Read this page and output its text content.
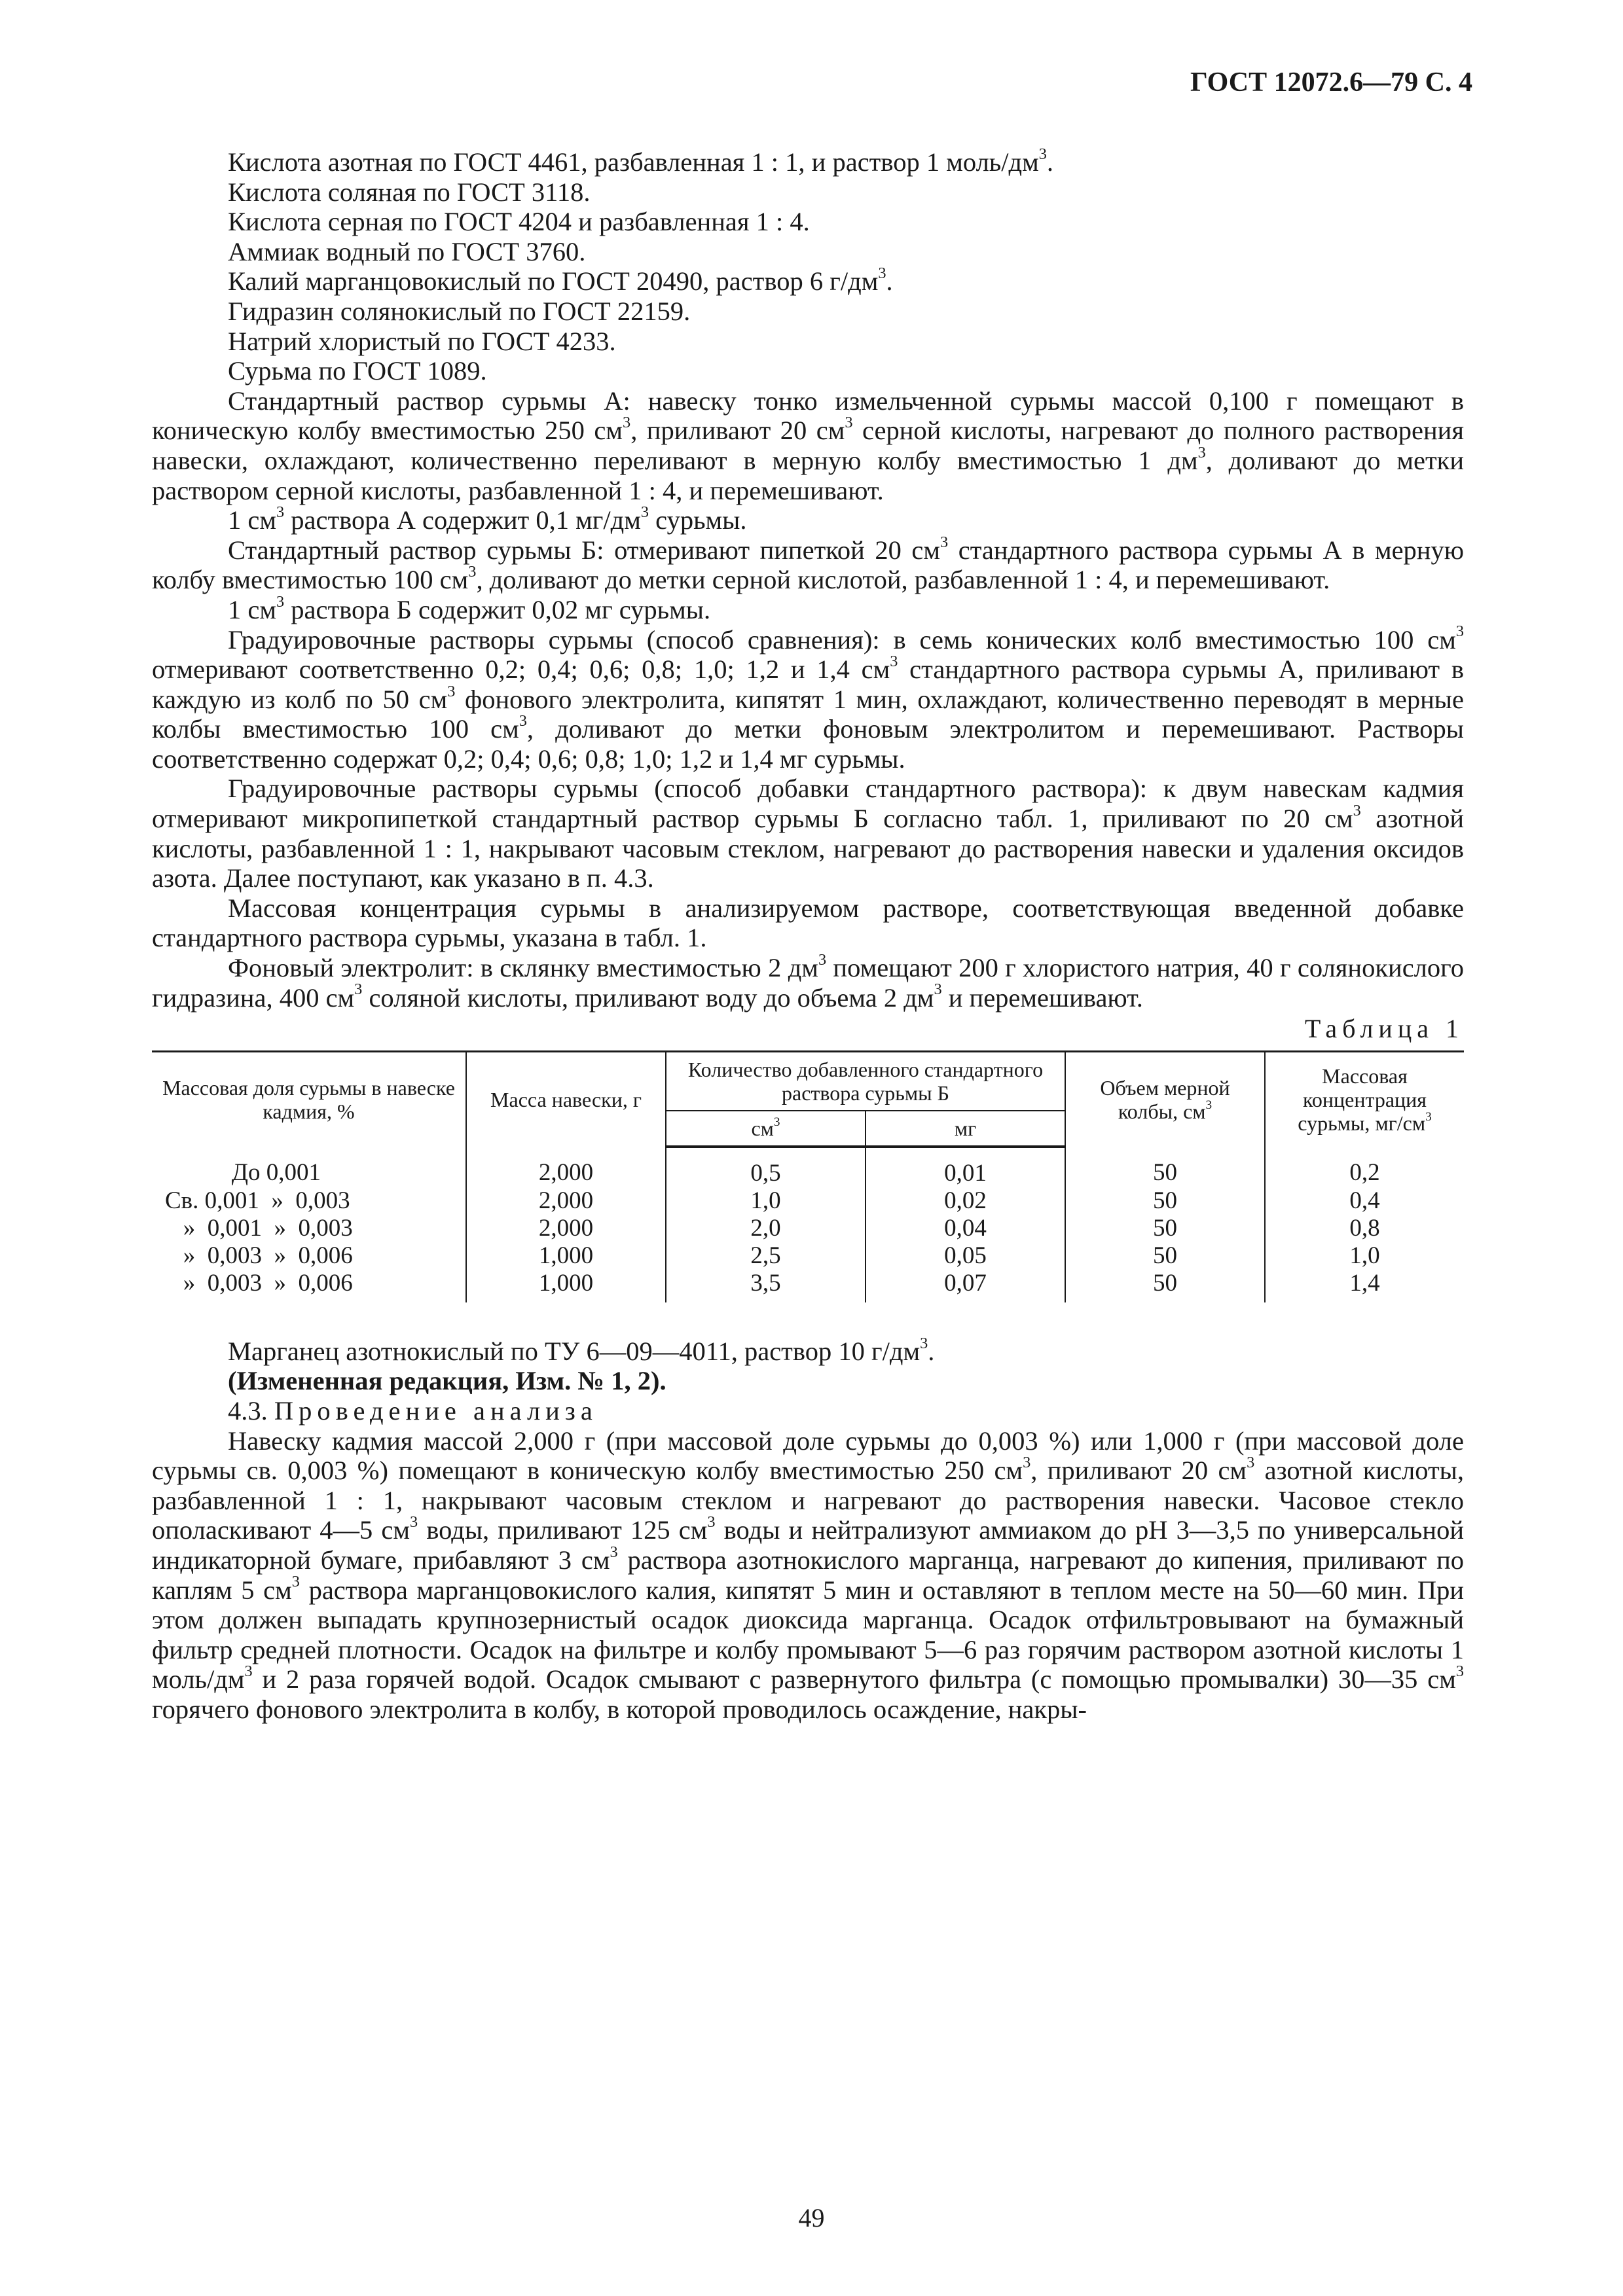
ГОСТ 12072.6—79 С. 4

Кислота азотная по ГОСТ 4461, разбавленная 1 : 1, и раствор 1 моль/$дм^3$.

Кислота соляная по ГОСТ 3118.

Кислота серная по ГОСТ 4204 и разбавленная 1 : 4.

Аммиак водный по ГОСТ 3760.

Калий марганцовокислый по ГОСТ 20490, раствор 6 $г/дм^3$.

Гидразин солянокислый по ГОСТ 22159.

Натрий хлористый по ГОСТ 4233.

Сурьма по ГОСТ 1089.

Стандартный раствор сурьмы А: навеску тонко измельченной сурьмы массой 0,100 г помещают в коническую колбу вместимостью 250 $см^3$, приливают 20 $см^3$ серной кислоты, нагревают до полного растворения навески, охлаждают, количественно переливают в мерную колбу вместимостью 1 $дм^3$, доливают до метки раствором серной кислоты, разбавленной 1 : 4, и перемешивают.

1 $см^3$ раствора А содержит 0,1 $мг/дм^3$ сурьмы.

Стандартный раствор сурьмы Б: отмеривают пипеткой 20 $см^3$ стандартного раствора сурьмы А в мерную колбу вместимостью 100 $см^3$, доливают до метки серной кислотой, разбавленной 1 : 4, и перемешивают.

1 $см^3$ раствора Б содержит 0,02 мг сурьмы.

Градуировочные растворы сурьмы (способ сравнения): в семь конических колб вместимостью 100 $см^3$ отмеривают соответственно 0,2; 0,4; 0,6; 0,8; 1,0; 1,2 и 1,4 $см^3$ стандартного раствора сурьмы А, приливают в каждую из колб по 50 $см^3$ фонового электролита, кипятят 1 мин, охлаждают, количественно переводят в мерные колбы вместимостью 100 $см^3$, доливают до метки фоновым электролитом и перемешивают. Растворы соответственно содержат 0,2; 0,4; 0,6; 0,8; 1,0; 1,2 и 1,4 мг сурьмы.

Градуировочные растворы сурьмы (способ добавки стандартного раствора): к двум навескам кадмия отмеривают микропипеткой стандартный раствор сурьмы Б согласно табл. 1, приливают по 20 $см^3$ азотной кислоты, разбавленной 1 : 1, накрывают часовым стеклом, нагревают до растворения навески и удаления оксидов азота. Далее поступают, как указано в п. 4.3.

Массовая концентрация сурьмы в анализируемом растворе, соответствующая введенной добавке стандартного раствора сурьмы, указана в табл. 1.

Фоновый электролит: в склянку вместимостью 2 $дм^3$ помещают 200 г хлористого натрия, 40 г солянокислого гидразина, 400 $см^3$ соляной кислоты, приливают воду до объема 2 $дм^3$ и перемешивают.

Таблица 1
Массовая доля сурьмы в навеске кадмия, %	Масса навески, г	Количество добавленного стандартного раствора сурьмы Б		Объем мерной колбы, $см^3$	Массовая концентрация сурьмы, $мг/см^3$
		$см^3$	мг		
До 0,001	2,000	0,5	0,01	50	0,2
Св. 0,001  »  0,003	2,000	1,0	0,02	50	0,4
»  0,001  »  0,003	2,000	2,0	0,04	50	0,8
»  0,003  »  0,006	1,000	2,5	0,05	50	1,0
»  0,003  »  0,006	1,000	3,5	0,07	50	1,4

Марганец азотнокислый по ТУ 6—09—4011, раствор 10 $г/дм^3$.

(Измененная редакция, Изм. № 1, 2).

4.3. Проведение анализа

Навеску кадмия массой 2,000 г (при массовой доле сурьмы до 0,003 %) или 1,000 г (при массовой доле сурьмы св. 0,003 %) помещают в коническую колбу вместимостью 250 $см^3$, приливают 20 $см^3$ азотной кислоты, разбавленной 1 : 1, накрывают часовым стеклом и нагревают до растворения навески. Часовое стекло ополаскивают 4—5 $см^3$ воды, приливают 125 $см^3$ воды и нейтрализуют аммиаком до pH 3—3,5 по универсальной индикаторной бумаге, прибавляют 3 $см^3$ раствора азотнокислого марганца, нагревают до кипения, приливают по каплям 5 $см^3$ раствора марганцовокислого калия, кипятят 5 мин и оставляют в теплом месте на 50—60 мин. При этом должен выпадать крупнозернистый осадок диоксида марганца. Осадок отфильтровывают на бумажный фильтр средней плотности. Осадок на фильтре и колбу промывают 5—6 раз горячим раствором азотной кислоты 1 моль/$дм^3$ и 2 раза горячей водой. Осадок смывают с развернутого фильтра (с помощью промывалки) 30—35 $см^3$ горячего фонового электролита в колбу, в которой проводилось осаждение, накры-

49
